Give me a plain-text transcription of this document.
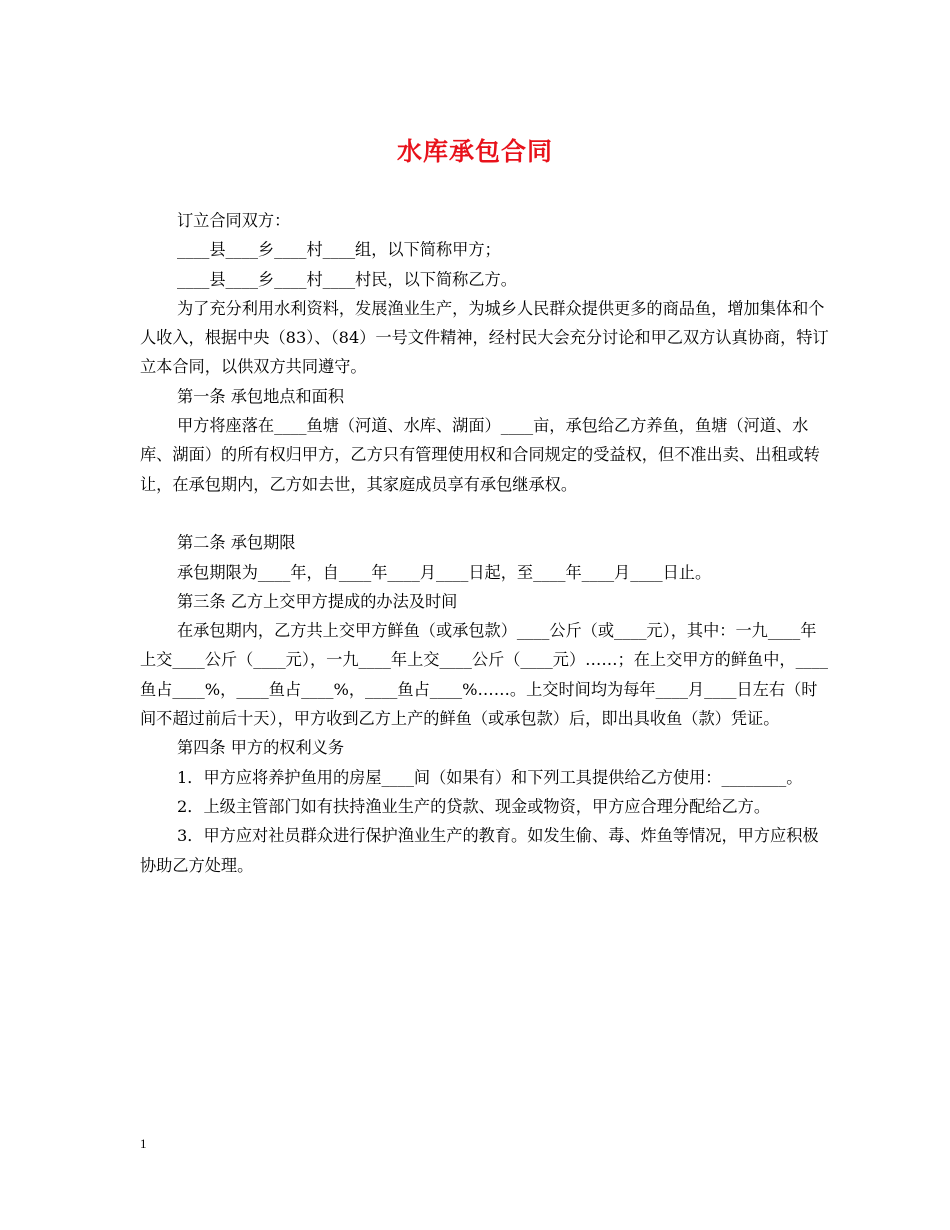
水库承包合同

订立合同双方：

____县____乡____村____组，以下简称甲方；

____县____乡____村____村民，以下简称乙方。

为了充分利用水利资料，发展渔业生产，为城乡人民群众提供更多的商品鱼，增加集体和个人收入，根据中央（83）、（84）一号文件精神，经村民大会充分讨论和甲乙双方认真协商，特订立本合同，以供双方共同遵守。

第一条 承包地点和面积

甲方将座落在____鱼塘（河道、水库、湖面）____亩，承包给乙方养鱼，鱼塘（河道、水库、湖面）的所有权归甲方，乙方只有管理使用权和合同规定的受益权，但不准出卖、出租或转让，在承包期内，乙方如去世，其家庭成员享有承包继承权。

第二条 承包期限

承包期限为____年，自____年____月____日起，至____年____月____日止。

第三条 乙方上交甲方提成的办法及时间

在承包期内，乙方共上交甲方鲜鱼（或承包款）____公斤（或____元），其中：一九____年上交____公斤（____元），一九____年上交____公斤（____元）……；在上交甲方的鲜鱼中，____鱼占____%，____鱼占____%，____鱼占____%……。上交时间均为每年____月____日左右（时间不超过前后十天），甲方收到乙方上产的鲜鱼（或承包款）后，即出具收鱼（款）凭证。

第四条 甲方的权利义务

1．甲方应将养护鱼用的房屋____间（如果有）和下列工具提供给乙方使用：________。

2．上级主管部门如有扶持渔业生产的贷款、现金或物资，甲方应合理分配给乙方。

3．甲方应对社员群众进行保护渔业生产的教育。如发生偷、毒、炸鱼等情况，甲方应积极协助乙方处理。

1
